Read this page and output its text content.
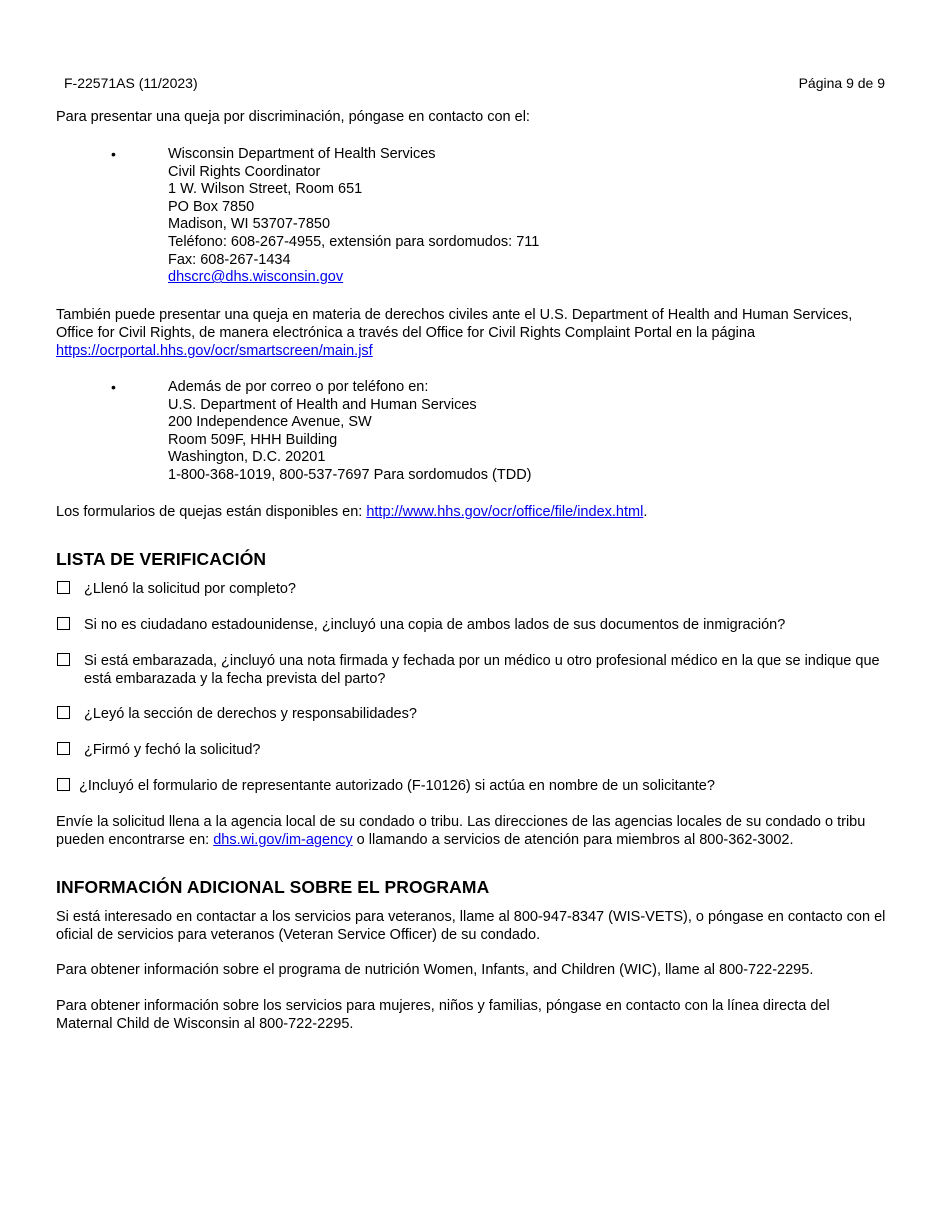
F-22571AS (11/2023)	Página 9 de 9

Para presentar una queja por discriminación, póngase en contacto con el:

•	Wisconsin Department of Health Services
Civil Rights Coordinator
1 W. Wilson Street, Room 651
PO Box 7850
Madison, WI 53707-7850
Teléfono: 608-267-4955, extensión para sordomudos: 711
Fax: 608-267-1434
dhscrc@dhs.wisconsin.gov

También puede presentar una queja en materia de derechos civiles ante el U.S. Department of Health and Human Services, Office for Civil Rights, de manera electrónica a través del Office for Civil Rights Complaint Portal en la página
https://ocrportal.hhs.gov/ocr/smartscreen/main.jsf

•	Además de por correo o por teléfono en:
U.S. Department of Health and Human Services
200 Independence Avenue, SW
Room 509F, HHH Building
Washington, D.C. 20201
1-800-368-1019, 800-537-7697 Para sordomudos (TDD)

Los formularios de quejas están disponibles en: http://www.hhs.gov/ocr/office/file/index.html.

LISTA DE VERIFICACIÓN
¿Llenó la solicitud por completo?
Si no es ciudadano estadounidense, ¿incluyó una copia de ambos lados de sus documentos de inmigración?
Si está embarazada, ¿incluyó una nota firmada y fechada por un médico u otro profesional médico en la que se indique que está embarazada y la fecha prevista del parto?
¿Leyó la sección de derechos y responsabilidades?
¿Firmó y fechó la solicitud?
¿Incluyó el formulario de representante autorizado (F-10126) si actúa en nombre de un solicitante?

Envíe la solicitud llena a la agencia local de su condado o tribu. Las direcciones de las agencias locales de su condado o tribu pueden encontrarse en: dhs.wi.gov/im-agency o llamando a servicios de atención para miembros al 800-362-3002.

INFORMACIÓN ADICIONAL SOBRE EL PROGRAMA

Si está interesado en contactar a los servicios para veteranos, llame al 800-947-8347 (WIS-VETS), o póngase en contacto con el oficial de servicios para veteranos (Veteran Service Officer) de su condado.

Para obtener información sobre el programa de nutrición Women, Infants, and Children (WIC), llame al 800-722-2295.

Para obtener información sobre los servicios para mujeres, niños y familias, póngase en contacto con la línea directa del Maternal Child de Wisconsin al 800-722-2295.
